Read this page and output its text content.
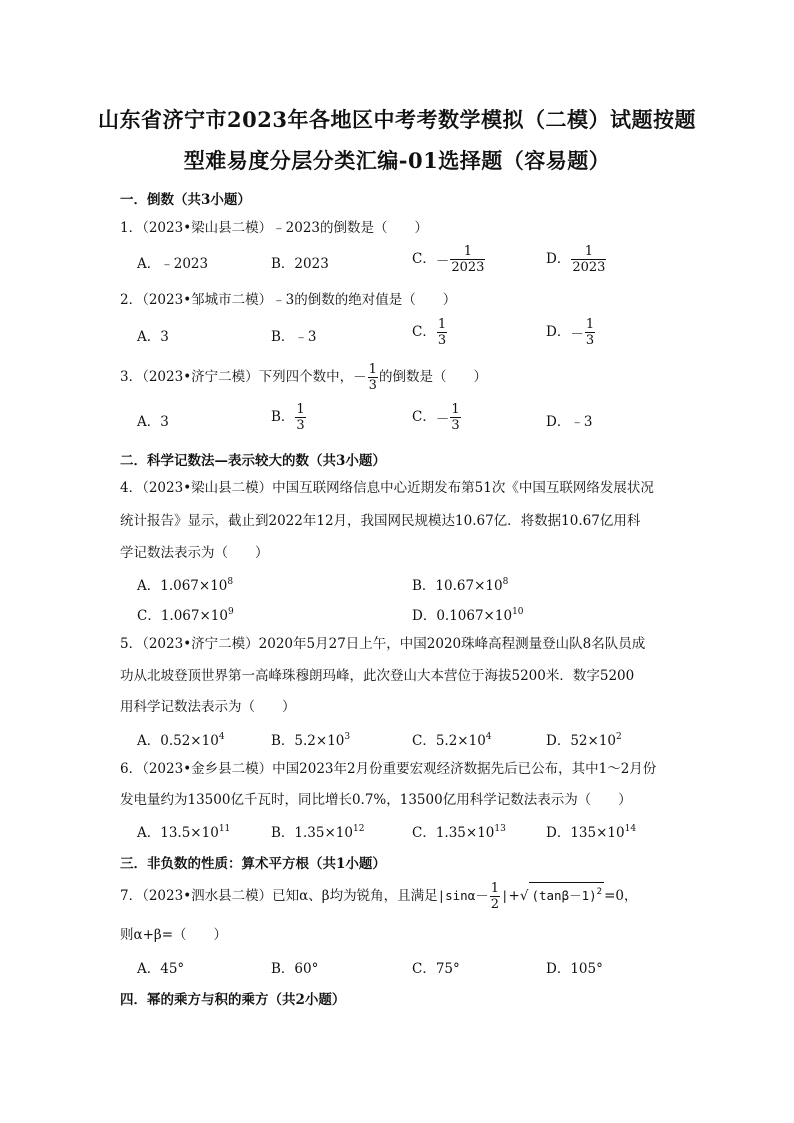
山东省济宁市2023年各地区中考考数学模拟（二模）试题按题
型难易度分层分类汇编-01选择题（容易题）
一．倒数（共3小题）
1．（2023•梁山县二模）﹣2023的倒数是（　　）
A．﹣2023	B．2023	C．－ $\frac{1}{2023}$	D． $\frac{1}{2023}$
2．（2023•邹城市二模）﹣3的倒数的绝对值是（　　）
A．3	B．﹣3	C． $\frac{1}{3}$	D．－ $\frac{1}{3}$
3．（2023•济宁二模）下列四个数中，－ $\frac{1}{3}$ 的倒数是（　　）
A．3	B． $\frac{1}{3}$	C．－ $\frac{1}{3}$	D．﹣3
二．科学记数法—表示较大的数（共3小题）
4．（2023•梁山县二模）中国互联网络信息中心近期发布第51次《中国互联网络发展状况
统计报告》显示，截止到2022年12月，我国网民规模达10.67亿．将数据10.67亿用科
学记数法表示为（　　）
A．$1.067\times 10^8$	B．$10.67\times 10^8$
C．$1.067\times 10^9$	D．$0.1067\times 10^{10}$
5．（2023•济宁二模）2020年5月27日上午，中国2020珠峰高程测量登山队8名队员成
功从北坡登顶世界第一高峰珠穆朗玛峰，此次登山大本营位于海拔5200米．数字5200
用科学记数法表示为（　　）
A．$0.52\times 10^4$	B．$5.2\times 10^3$	C．$5.2\times 10^4$	D．$52\times 10^2$
6．（2023•金乡县二模）中国2023年2月份重要宏观经济数据先后已公布，其中1～2月份
发电量约为13500亿千瓦时，同比增长0.7%，13500亿用科学记数法表示为（　　）
A．$13.5\times 10^{11}$	B．$1.35\times 10^{12}$	C．$1.35\times 10^{13}$	D．$135\times 10^{14}$
三．非负数的性质：算术平方根（共1小题）
7．（2023•泗水县二模）已知α、β均为锐角，且满足$|\sin\alpha- \frac{1}{2}$ |+√ $(\tan\beta-1)^2 =0$，
则α+β=（　　）
A．45°	B．60°	C．75°	D．105°
四．幂的乘方与积的乘方（共2小题）
